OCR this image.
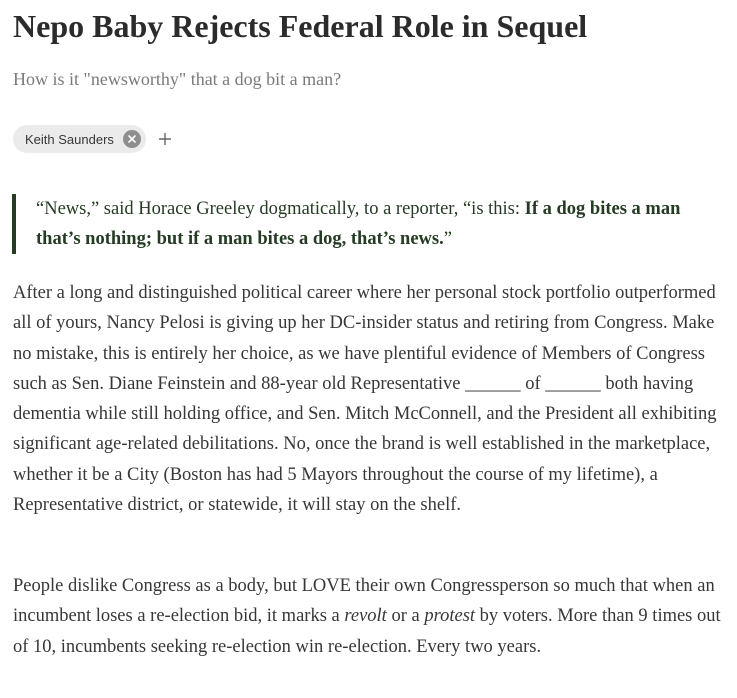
Nepo Baby Rejects Federal Role in Sequel

How is it "newsworthy" that a dog bit a man?

Keith Saunders
“News,” said Horace Greeley dogmatically, to a reporter, “is this: If a dog bites a man that’s nothing; but if a man bites a dog, that’s news.”

After a long and distinguished political career where her personal stock portfolio outperformed all of yours, Nancy Pelosi is giving up her DC-insider status and retiring from Congress. Make no mistake, this is entirely her choice, as we have plentiful evidence of Members of Congress such as Sen. Diane Feinstein and 88-year old Representative ______ of ______ both having dementia while still holding office, and Sen. Mitch McConnell, and the President all exhibiting significant age-related debilitations. No, once the brand is well established in the marketplace, whether it be a City (Boston has had 5 Mayors throughout the course of my lifetime), a Representative district, or statewide, it will stay on the shelf.

People dislike Congress as a body, but LOVE their own Congressperson so much that when an incumbent loses a re-election bid, it marks a revolt or a protest by voters. More than 9 times out of 10, incumbents seeking re-election win re-election. Every two years.
